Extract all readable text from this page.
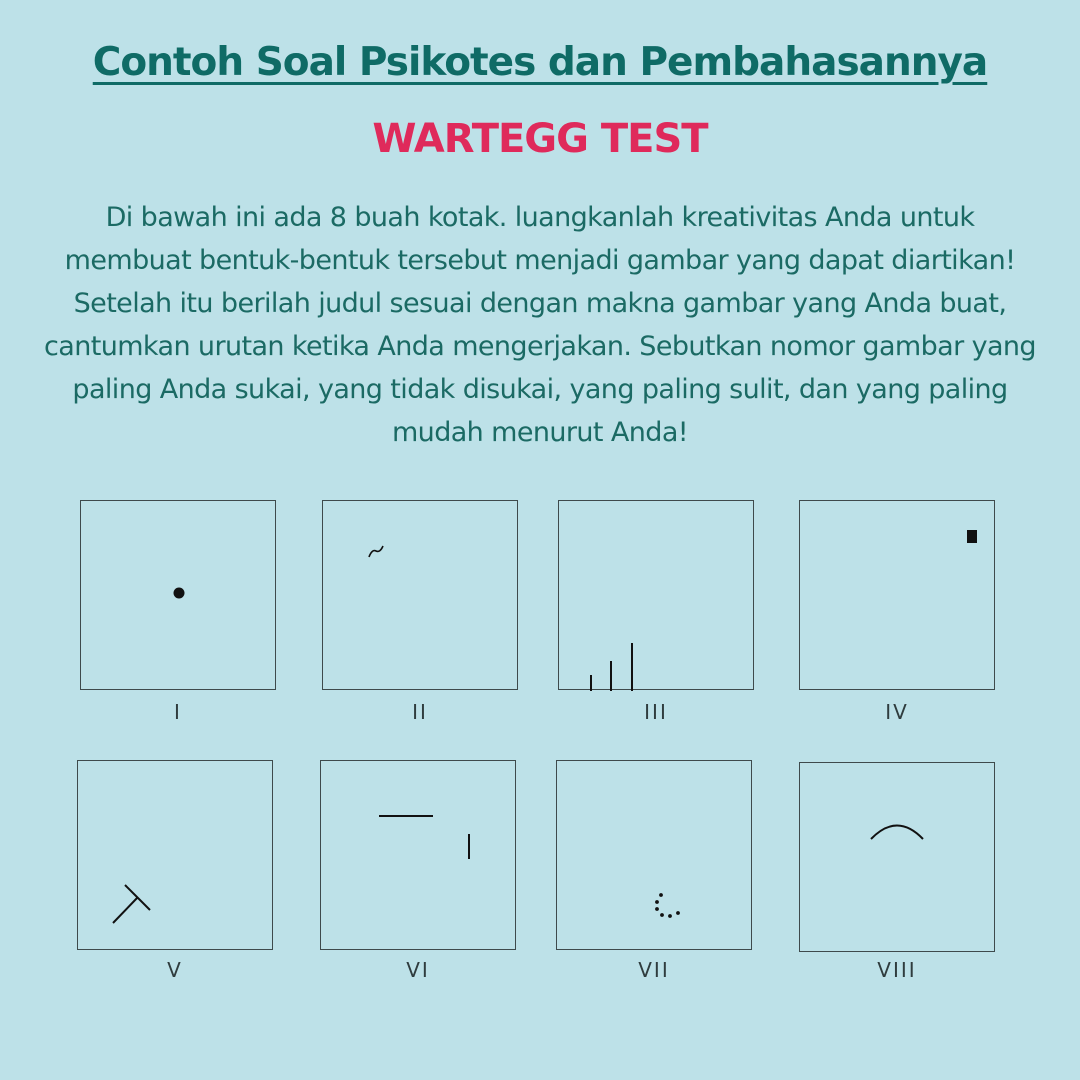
Contoh Soal Psikotes dan Pembahasannya
WARTEGG TEST

Di bawah ini ada 8 buah kotak. luangkanlah kreativitas Anda untuk membuat bentuk-bentuk tersebut menjadi gambar yang dapat diartikan! Setelah itu berilah judul sesuai dengan makna gambar yang Anda buat, cantumkan urutan ketika Anda mengerjakan. Sebutkan nomor gambar yang paling Anda sukai, yang tidak disukai, yang paling sulit, dan yang paling mudah menurut Anda!

I	II	III	IV
V	VI	VII	VIII
